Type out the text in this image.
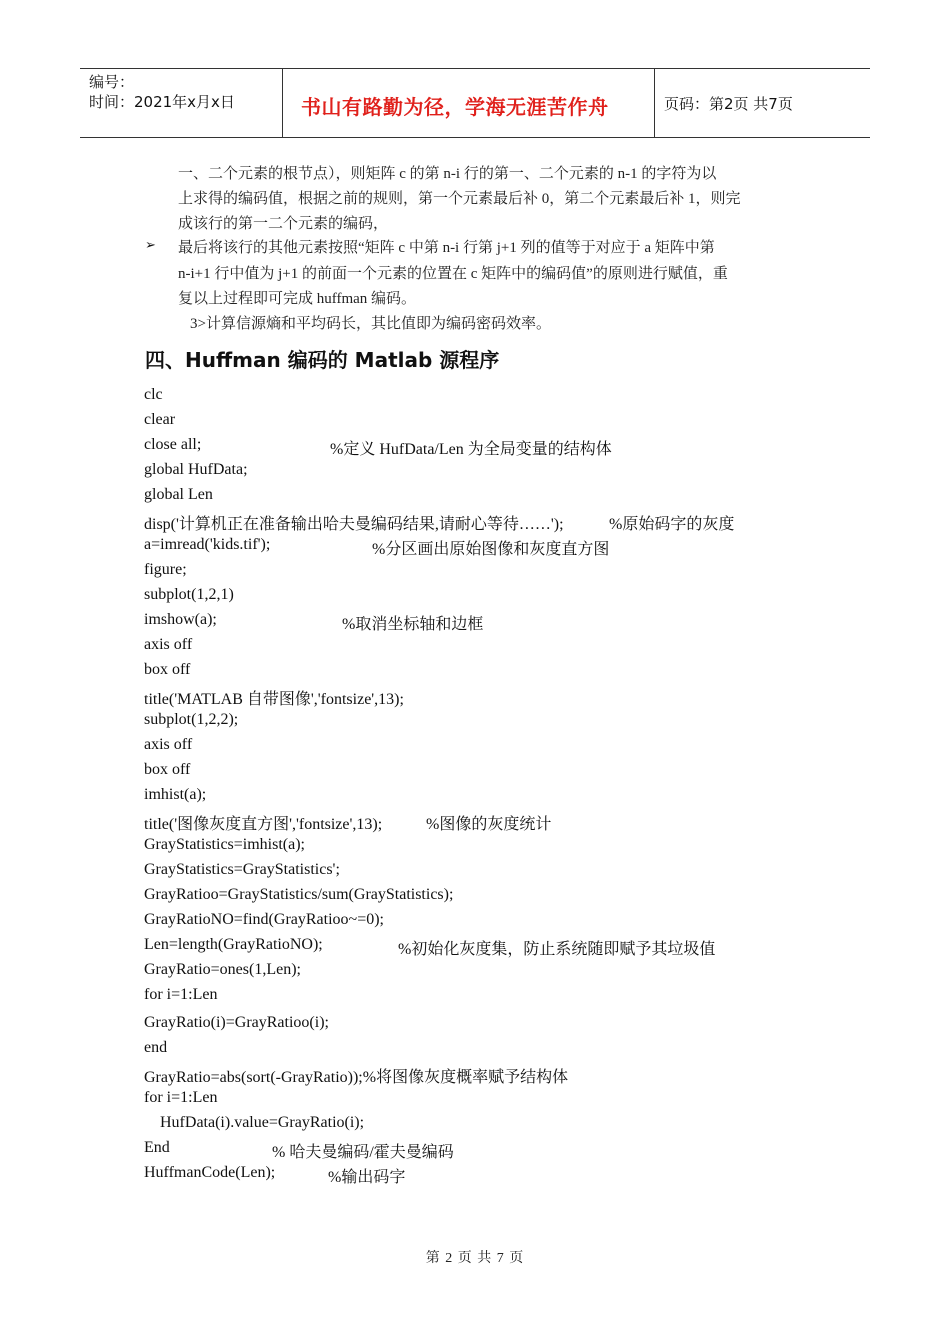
编号：
时间：2021年x月x日	书山有路勤为径，学海无涯苦作舟	页码：第2页 共7页
一、二个元素的根节点），则矩阵 c 的第 n-i 行的第一、二个元素的 n-1 的字符为以
上求得的编码值，根据之前的规则，第一个元素最后补 0，第二个元素最后补 1，则完
成该行的第一二个元素的编码，
➢ 最后将该行的其他元素按照“矩阵 c 中第 n-i 行第 j+1 列的值等于对应于 a 矩阵中第
n-i+1 行中值为 j+1 的前面一个元素的位置在 c 矩阵中的编码值”的原则进行赋值，重
复以上过程即可完成 huffman 编码。
3>计算信源熵和平均码长，其比值即为编码密码效率。
四、Huffman 编码的 Matlab 源程序
clc
clear
close all;	%定义 HufData/Len 为全局变量的结构体
global HufData;
global Len
disp('计算机正在准备输出哈夫曼编码结果,请耐心等待……');	%原始码字的灰度
a=imread('kids.tif');	%分区画出原始图像和灰度直方图
figure;
subplot(1,2,1)
imshow(a);	%取消坐标轴和边框
axis off
box off
title('MATLAB 自带图像','fontsize',13);
subplot(1,2,2);
axis off
box off
imhist(a);
title('图像灰度直方图','fontsize',13);	%图像的灰度统计
GrayStatistics=imhist(a);
GrayStatistics=GrayStatistics';
GrayRatioo=GrayStatistics/sum(GrayStatistics);
GrayRatioNO=find(GrayRatioo~=0);
Len=length(GrayRatioNO);	%初始化灰度集，防止系统随即赋予其垃圾值
GrayRatio=ones(1,Len);
for i=1:Len
GrayRatio(i)=GrayRatioo(i);
end
GrayRatio=abs(sort(-GrayRatio));%将图像灰度概率赋予结构体
for i=1:Len
HufData(i).value=GrayRatio(i);
End	% 哈夫曼编码/霍夫曼编码
HuffmanCode(Len);	%输出码字
第 2 页 共 7 页
